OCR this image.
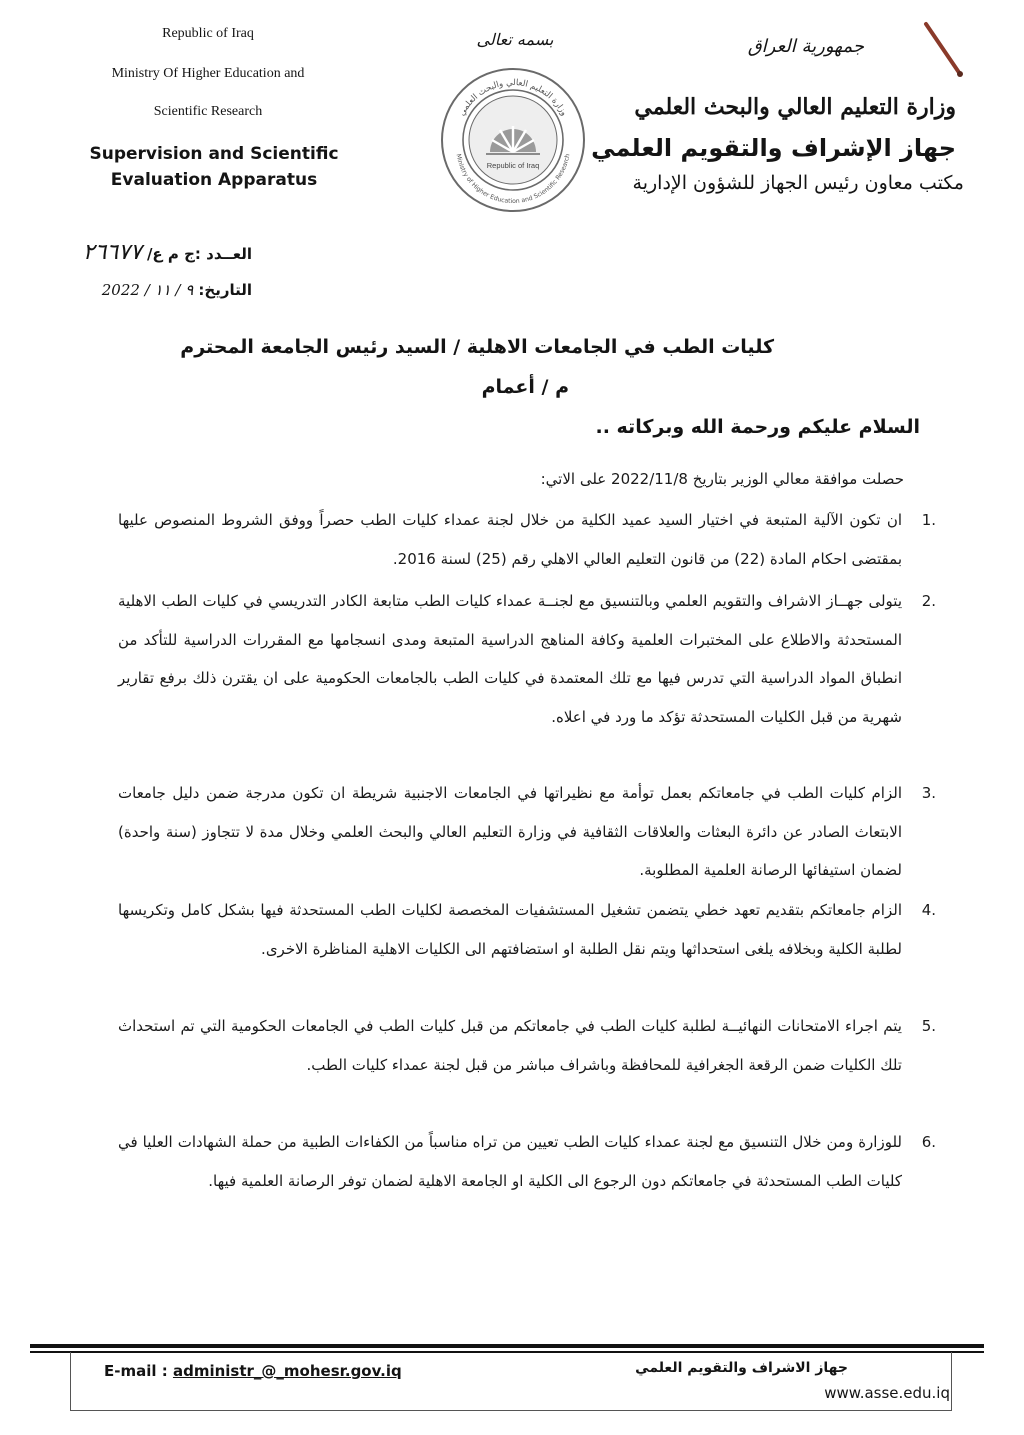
Republic of Iraq
Ministry Of Higher Education and
Scientific Research
Supervision and Scientific
Evaluation Apparatus
بسمه تعالى
وزارة التعليم العالي والبحث العلمي
Ministry of Higher Education and Scientific Research
Republic of Iraq
جمهورية العراق
وزارة التعليم العالي والبحث العلمي
جهاز الإشراف والتقويم العلمي
مكتب معاون رئيس الجهاز للشؤون الإدارية
العــدد :ج م ع/ ٢٦٦٧٧
التاريخ: ٩ / ١١ / 2022
كليات الطب في الجامعات الاهلية / السيد رئيس الجامعة المحترم
م / أعمام
السلام عليكم ورحمة الله وبركاته ..
حصلت موافقة معالي الوزير بتاريخ 2022/11/8 على الاتي:
1.
ان تكون الآلية المتبعة في اختيار السيد عميد الكلية من خلال لجنة عمداء كليات الطب حصراً ووفق الشروط المنصوص عليها بمقتضى احكام المادة (22) من قانون التعليم العالي الاهلي رقم (25) لسنة 2016.
2.
يتولى جهــاز الاشراف والتقويم العلمي وبالتنسيق مع لجنــة عمداء كليات الطب متابعة الكادر التدريسي في كليات الطب الاهلية المستحدثة والاطلاع على المختبرات العلمية وكافة المناهج الدراسية المتبعة ومدى انسجامها مع المقررات الدراسية للتأكد من انطباق المواد الدراسية التي تدرس فيها مع تلك المعتمدة في كليات الطب بالجامعات الحكومية على ان يقترن ذلك برفع تقارير شهرية من قبل الكليات المستحدثة تؤكد ما ورد في اعلاه.
3.
الزام كليات الطب في جامعاتكم بعمل توأمة مع نظيراتها في الجامعات الاجنبية شريطة ان تكون مدرجة ضمن دليل جامعات الابتعاث الصادر عن دائرة البعثات والعلاقات الثقافية في وزارة التعليم العالي والبحث العلمي وخلال مدة لا تتجاوز (سنة واحدة) لضمان استيفائها الرصانة العلمية المطلوبة.
4.
الزام جامعاتكم بتقديم تعهد خطي يتضمن تشغيل المستشفيات المخصصة لكليات الطب المستحدثة فيها بشكل كامل وتكريسها لطلبة الكلية وبخلافه يلغى استحداثها ويتم نقل الطلبة او استضافتهم الى الكليات الاهلية المناظرة الاخرى.
5.
يتم اجراء الامتحانات النهائيــة لطلبة كليات الطب في جامعاتكم من قبل كليات الطب في الجامعات الحكومية التي تم استحداث تلك الكليات ضمن الرقعة الجغرافية للمحافظة وباشراف مباشر من قبل لجنة عمداء كليات الطب.
6.
للوزارة ومن خلال التنسيق مع لجنة عمداء كليات الطب تعيين من تراه مناسباً من الكفاءات الطبية من حملة الشهادات العليا في كليات الطب المستحدثة في جامعاتكم دون الرجوع الى الكلية او الجامعة الاهلية لضمان توفر الرصانة العلمية فيها.
E-mail : administr_@_mohesr.gov.iq	جهاز الاشراف والتقويم العلمي
www.asse.edu.iq
